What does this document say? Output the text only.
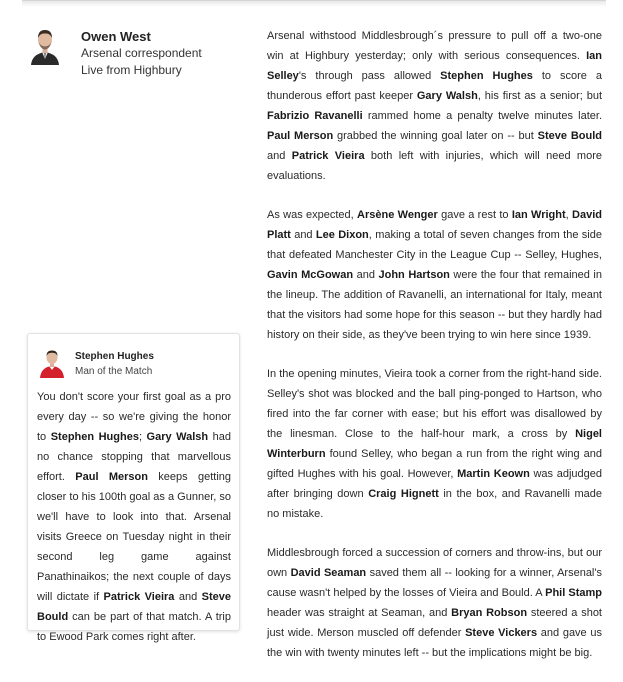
Owen West
Arsenal correspondent
Live from Highbury

Arsenal withstood Middlesbrough´s pressure to pull off a two-one win at Highbury yesterday; only with serious consequences. Ian Selley's through pass allowed Stephen Hughes to score a thunderous effort past keeper Gary Walsh, his first as a senior; but Fabrizio Ravanelli rammed home a penalty twelve minutes later. Paul Merson grabbed the winning goal later on -- but Steve Bould and Patrick Vieira both left with injuries, which will need more evaluations.

As was expected, Arsène Wenger gave a rest to Ian Wright, David Platt and Lee Dixon, making a total of seven changes from the side that defeated Manchester City in the League Cup -- Selley, Hughes, Gavin McGowan and John Hartson were the four that remained in the lineup. The addition of Ravanelli, an international for Italy, meant that the visitors had some hope for this season -- but they hardly had history on their side, as they've been trying to win here since 1939.

In the opening minutes, Vieira took a corner from the right-hand side. Selley's shot was blocked and the ball ping-ponged to Hartson, who fired into the far corner with ease; but his effort was disallowed by the linesman. Close to the half-hour mark, a cross by Nigel Winterburn found Selley, who began a run from the right wing and gifted Hughes with his goal. However, Martin Keown was adjudged after bringing down Craig Hignett in the box, and Ravanelli made no mistake.

Middlesbrough forced a succession of corners and throw-ins, but our own David Seaman saved them all -- looking for a winner, Arsenal's cause wasn't helped by the losses of Vieira and Bould. A Phil Stamp header was straight at Seaman, and Bryan Robson steered a shot just wide. Merson muscled off defender Steve Vickers and gave us the win with twenty minutes left -- but the implications might be big.

Stephen Hughes
Man of the Match
You don't score your first goal as a pro every day -- so we're giving the honor to Stephen Hughes; Gary Walsh had no chance stopping that marvellous effort. Paul Merson keeps getting closer to his 100th goal as a Gunner, so we'll have to look into that. Arsenal visits Greece on Tuesday night in their second leg game against Panathinaikos; the next couple of days will dictate if Patrick Vieira and Steve Bould can be part of that match. A trip to Ewood Park comes right after.
